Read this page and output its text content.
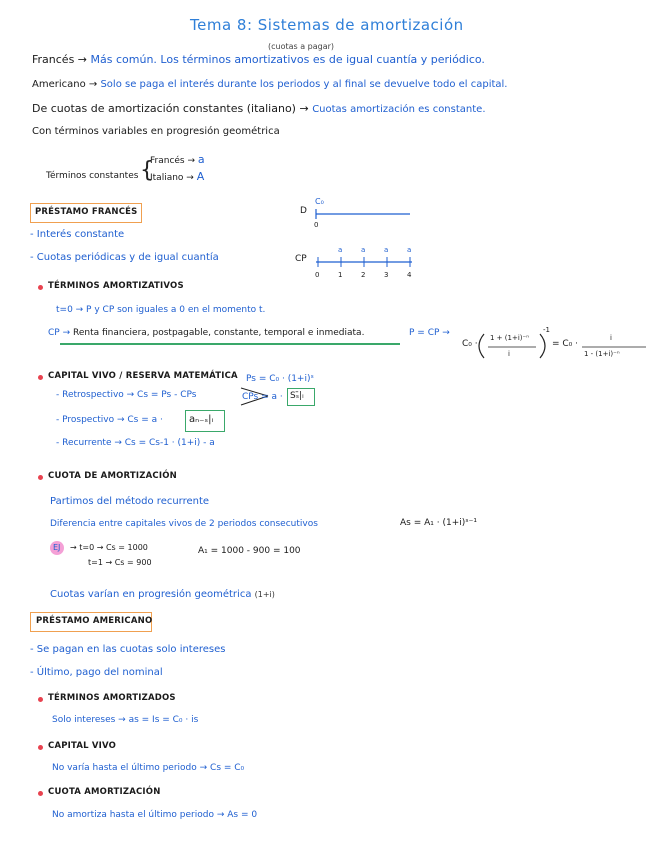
Tema 8: Sistemas de amortización
(cuotas a pagar)
Francés → Más común. Los términos amortizativos es de igual cuantía y periódico.
Americano → Solo se paga el interés durante los periodos y al final se devuelve todo el capital.
De cuotas de amortización constantes (italiano) → Cuotas amortización es constante.
Con términos variables en progresión geométrica
Francés → a
Italiano → A
Términos constantes {
PRÉSTAMO FRANCÉS
- Interés constante
- Cuotas periódicas y de igual cuantía
D
C₀
0
CP
a	a	a	a
0	1	2	3	4
TÉRMINOS AMORTIZATIVOS
t=0 → P y CP son iguales a 0 en el momento t.
CP → Renta financiera, postpagable, constante, temporal e inmediata.	P = CP →
C₀ ·
1 + (1+i)⁻ⁿ
i
-1
= C₀ ·
i
1 - (1+i)⁻ⁿ
CAPITAL VIVO / RESERVA MATEMÁTICA Ps = C₀ · (1+i)ˢ
- Retrospectivo → Cs = Ps - CPs	CPs = a · Sₛ̄|ᵢ
- Prospectivo → Cs = a ·	aₙ₋ₛ|ᵢ
- Recurrente → Cs = Cs-1 · (1+i) - a
CUOTA DE AMORTIZACIÓN
Partimos del método recurrente
Diferencia entre capitales vivos de 2 periodos consecutivos	As = A₁ · (1+i)ˢ⁻¹
EJ → t=0 → Cs = 1000
t=1 → Cs = 900
A₁ = 1000 - 900 = 100
Cuotas varían en progresión geométrica (1+i)
PRÉSTAMO AMERICANO
- Se pagan en las cuotas solo intereses
- Último, pago del nominal
TÉRMINOS AMORTIZADOS
Solo intereses → as = Is = C₀ · is
CAPITAL VIVO
No varía hasta el último periodo → Cs = C₀
CUOTA AMORTIZACIÓN
No amortiza hasta el último periodo → As = 0
